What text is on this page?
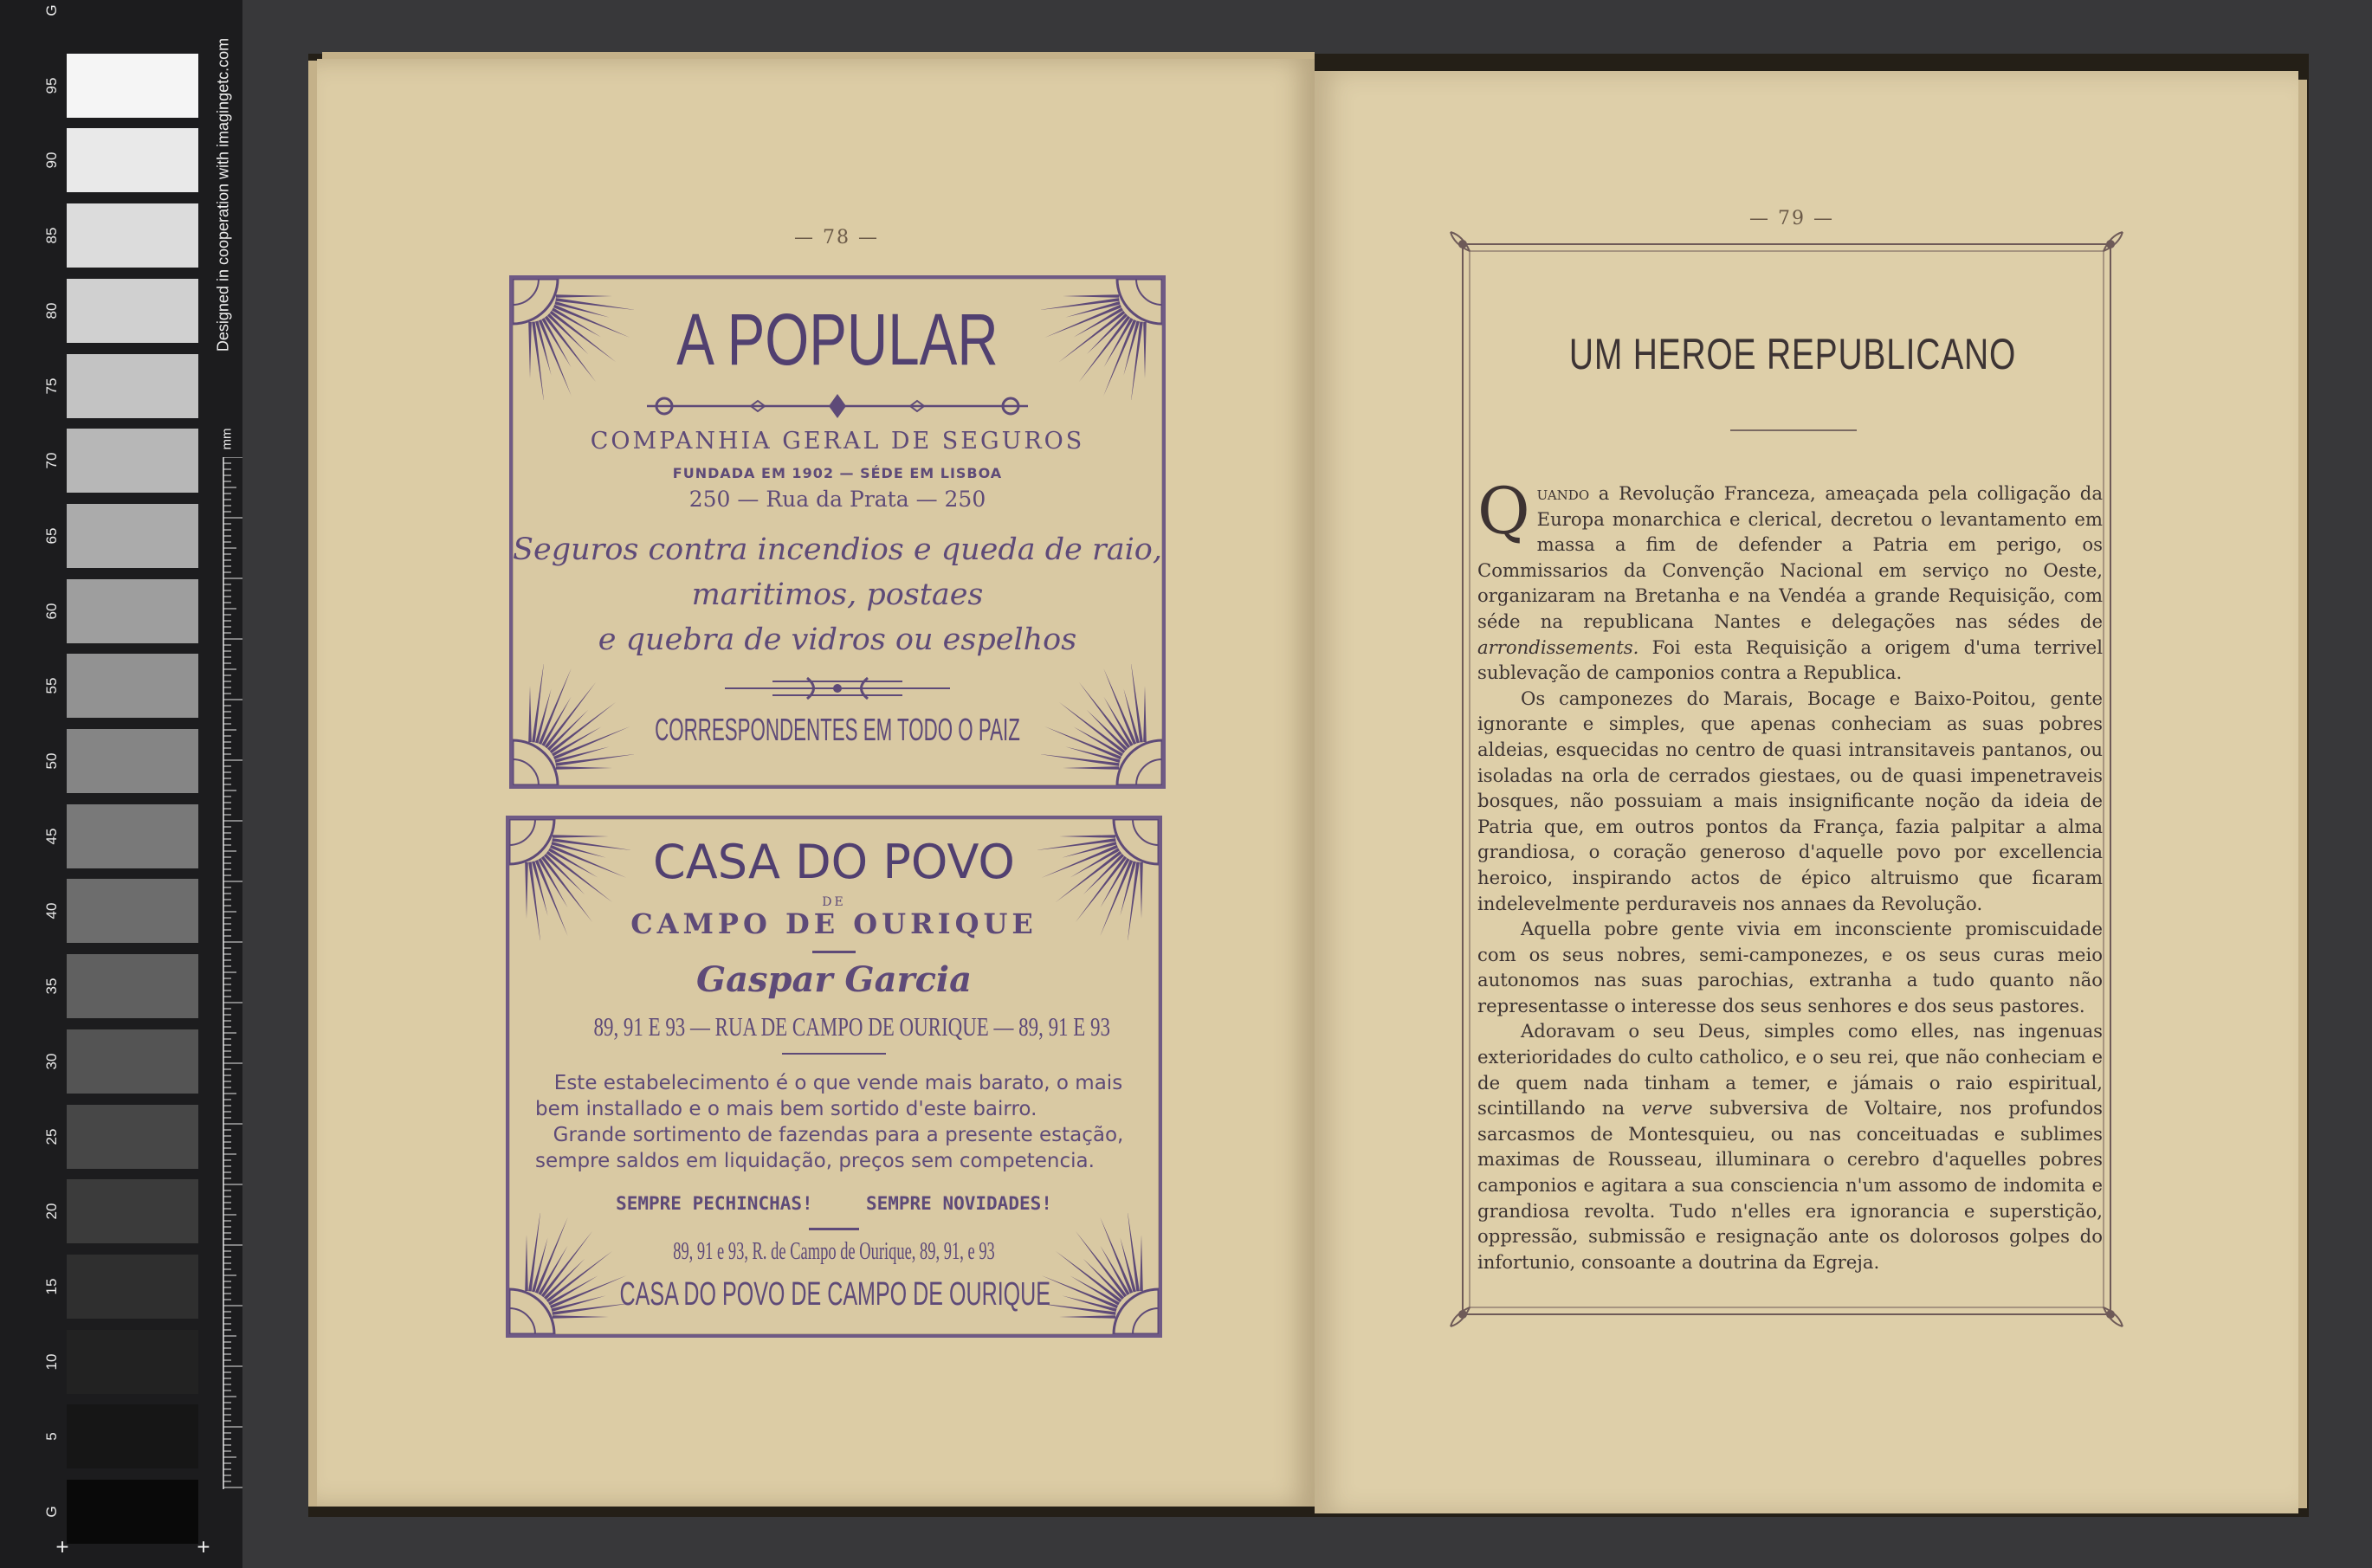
G
95
90
85
80
75
70
65
60
55
50
45
40
35
30
25
20
15
10
5
G
Designed in cooperation with imagingetc.com
mm
+	+
— 78 —
A POPULAR
COMPANHIA GERAL DE SEGUROS
FUNDADA EM 1902 — SÉDE EM LISBOA
250 — Rua da Prata — 250
Seguros contra incendios e queda de raio,
maritimos, postaes
e quebra de vidros ou espelhos
CORRESPONDENTES EM TODO O PAIZ
CASA DO POVO
DE
CAMPO DE OURIQUE
Gaspar Garcia
89, 91 E 93 — RUA DE CAMPO DE OURIQUE — 89, 91 E 93
Este estabelecimento é o que vende mais barato, o mais
bem installado e o mais bem sortido d'este bairro.
Grande sortimento de fazendas para a presente estação,
sempre saldos em liquidação, preços sem competencia.
SEMPRE PECHINCHAS!	SEMPRE NOVIDADES!
89, 91 e 93, R. de Campo de Ourique, 89, 91, e 93
CASA DO POVO DE CAMPO DE OURIQUE
— 79 —
UM HEROE REPUBLICANO

Quando a Revolução Franceza, ameaçada pela colligação da Europa monarchica e clerical, decretou o levantamento em massa a fim de defender a Patria em perigo, os Commissarios da Convenção Nacional em serviço no Oeste, organizaram na Bretanha e na Vendéa a grande Requisição, com séde na republicana Nantes e delegações nas sédes de arrondissements. Foi esta Requisição a origem d'uma terrivel sublevação de camponios contra a Republica.

Os camponezes do Marais, Bocage e Baixo-Poitou, gente ignorante e simples, que apenas conheciam as suas pobres aldeias, esquecidas no centro de quasi intransitaveis pantanos, ou isoladas na orla de cerrados giestaes, ou de quasi impenetraveis bosques, não possuiam a mais insignificante noção da ideia de Patria que, em outros pontos da França, fazia palpitar a alma grandiosa, o coração generoso d'aquelle povo por excellencia heroico, inspirando actos de épico altruismo que ficaram indelevelmente perduraveis nos annaes da Revolução.

Aquella pobre gente vivia em inconsciente promiscuidade com os seus nobres, semi-camponezes, e os seus curas meio autonomos nas suas parochias, extranha a tudo quanto não representasse o interesse dos seus senhores e dos seus pastores.

Adoravam o seu Deus, simples como elles, nas ingenuas exterioridades do culto catholico, e o seu rei, que não conheciam e de quem nada tinham a temer, e jámais o raio espiritual, scintillando na verve subversiva de Voltaire, nos profundos sarcasmos de Montesquieu, ou nas conceituadas e sublimes maximas de Rousseau, illuminara o cerebro d'aquelles pobres camponios e agitara a sua consciencia n'um assomo de indomita e grandiosa revolta. Tudo n'elles era ignorancia e superstição, oppressão, submissão e resignação ante os dolorosos golpes do infortunio, consoante a doutrina da Egreja.
